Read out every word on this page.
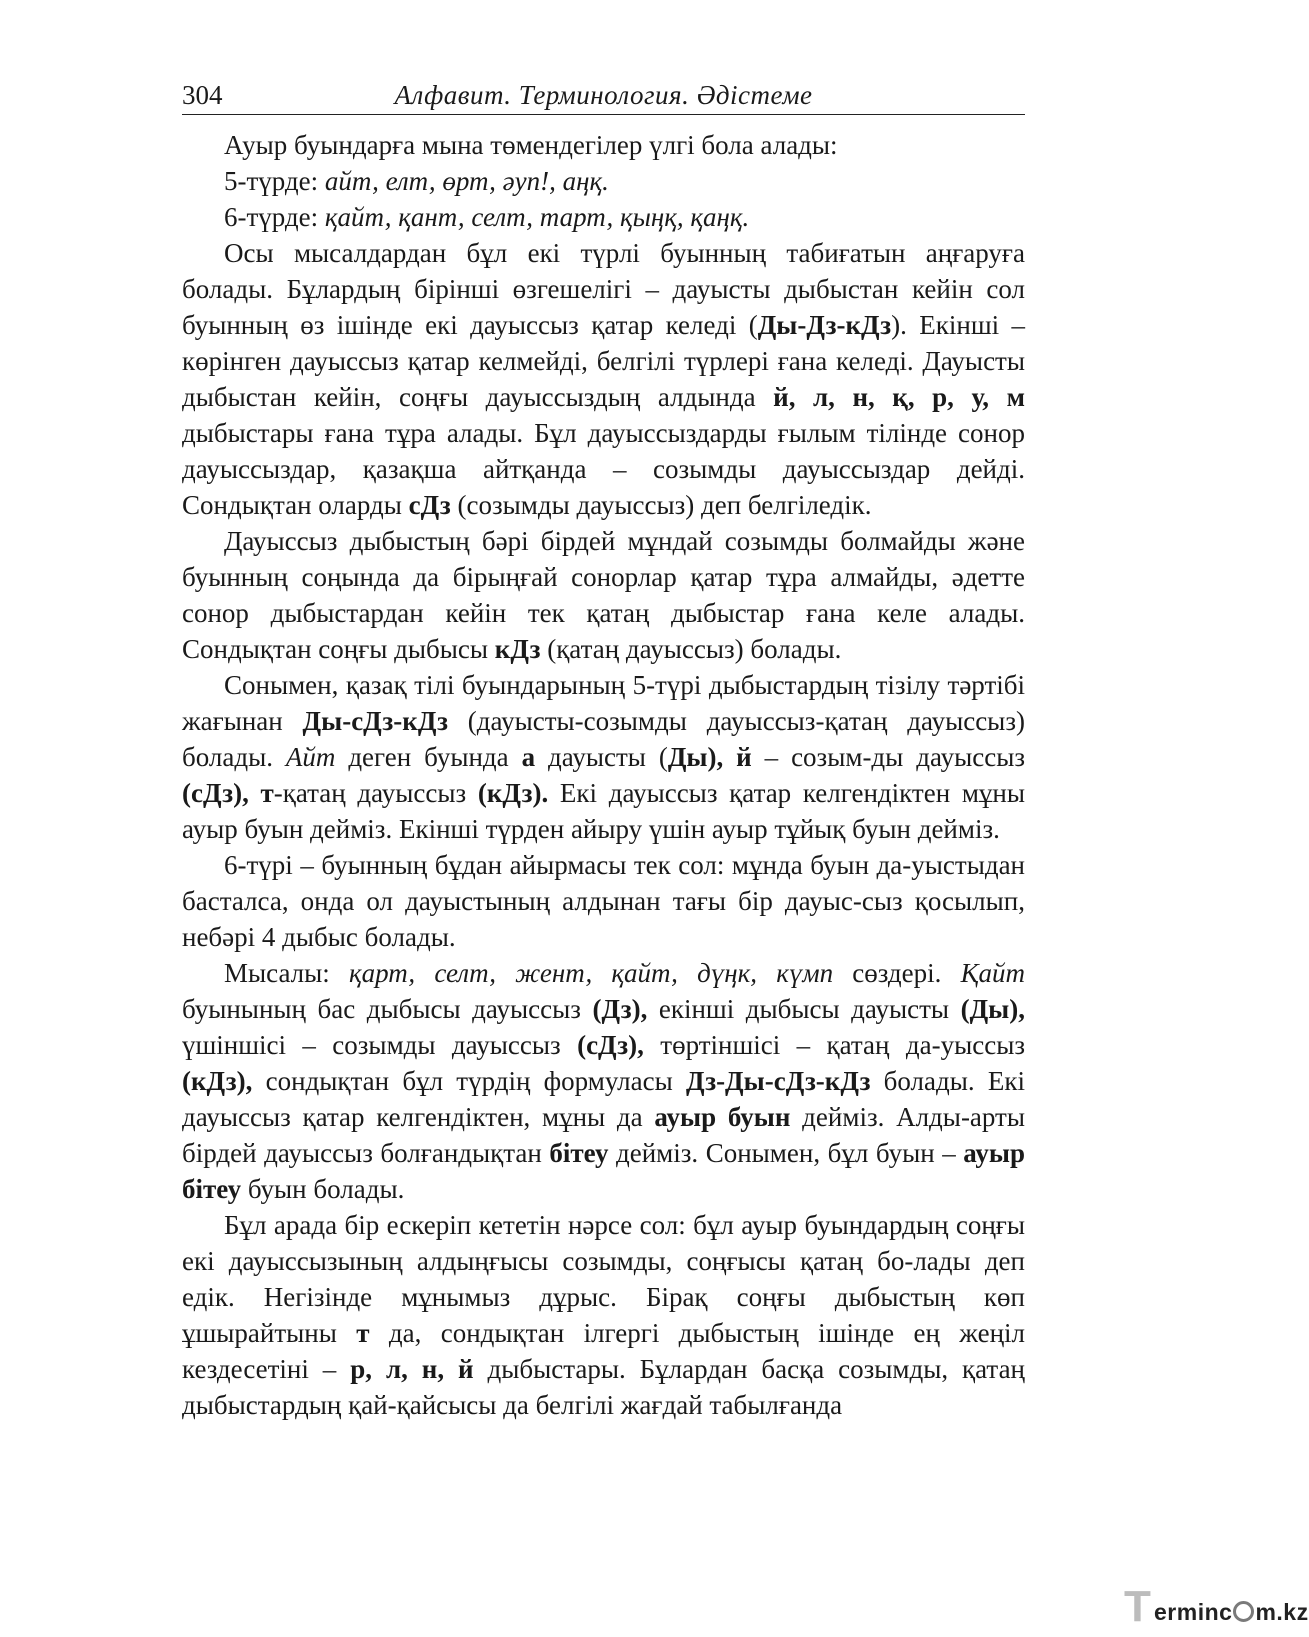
304	Алфавит. Терминология. Әдістеме

Ауыр буындарға мына төмендегілер үлгі бола алады:

5-түрде: айт, елт, өрт, әуп!, аңқ.

6-түрде: қайт, қант, селт, тарт, қыңқ, қаңқ.

Осы мысалдардан бұл екі түрлі буынның табиғатын аңғаруға болады. Бұлардың бірінші өзгешелігі – дауысты дыбыстан кейін сол буынның өз ішінде екі дауыссыз қатар келеді (Ды-Дз-кДз). Екінші – көрінген дауыссыз қатар келмейді, белгілі түрлері ғана келеді. Дауысты дыбыстан кейін, соңғы дауыссыздың алдында й, л, н, қ, р, у, м дыбыстары ғана тұра алады. Бұл дауыссыздарды ғылым тілінде сонор дауыссыздар, қазақша айтқанда – созымды дауыссыздар дейді. Сондықтан оларды сДз (созымды дауыссыз) деп белгіледік.

Дауыссыз дыбыстың бәрі бірдей мұндай созымды болмайды және буынның соңында да бірыңғай сонорлар қатар тұра алмайды, әдетте сонор дыбыстардан кейін тек қатаң дыбыстар ғана келе алады. Сондықтан соңғы дыбысы кДз (қатаң дауыссыз) болады.

Сонымен, қазақ тілі буындарының 5-түрі дыбыстардың тізілу тәртібі жағынан Ды-сДз-кДз (дауысты-созымды дауыссыз-қатаң дауыссыз) болады. Айт деген буында а дауысты (Ды), й – созым-ды дауыссыз (сДз), т-қатаң дауыссыз (кДз). Екі дауыссыз қатар келгендіктен мұны ауыр буын дейміз. Екінші түрден айыру үшін ауыр тұйық буын дейміз.

6-түрі – буынның бұдан айырмасы тек сол: мұнда буын да-уыстыдан басталса, онда ол дауыстының алдынан тағы бір дауыс-сыз қосылып, небәрі 4 дыбыс болады.

Мысалы: қарт, селт, жент, қайт, дүңк, күмп сөздері. Қайт буынының бас дыбысы дауыссыз (Дз), екінші дыбысы дауысты (Ды), үшіншісі – созымды дауыссыз (сДз), төртіншісі – қатаң да-уыссыз (кДз), сондықтан бұл түрдің формуласы Дз-Ды-сДз-кДз болады. Екі дауыссыз қатар келгендіктен, мұны да ауыр буын дейміз. Алды-арты бірдей дауыссыз болғандықтан бітеу дейміз. Сонымен, бұл буын – ауыр бітеу буын болады.

Бұл арада бір ескеріп кететін нәрсе сол: бұл ауыр буындардың соңғы екі дауыссызының алдыңғысы созымды, соңғысы қатаң бо-лады деп едік. Негізінде мұнымыз дұрыс. Бірақ соңғы дыбыстың көп ұшырайтыны т да, сондықтан ілгергі дыбыстың ішінде ең жеңіл кездесетіні – р, л, н, й дыбыстары. Бұлардан басқа созымды, қатаң дыбыстардың қай-қайсысы да белгілі жағдай табылғанда

T erminc m.kz
